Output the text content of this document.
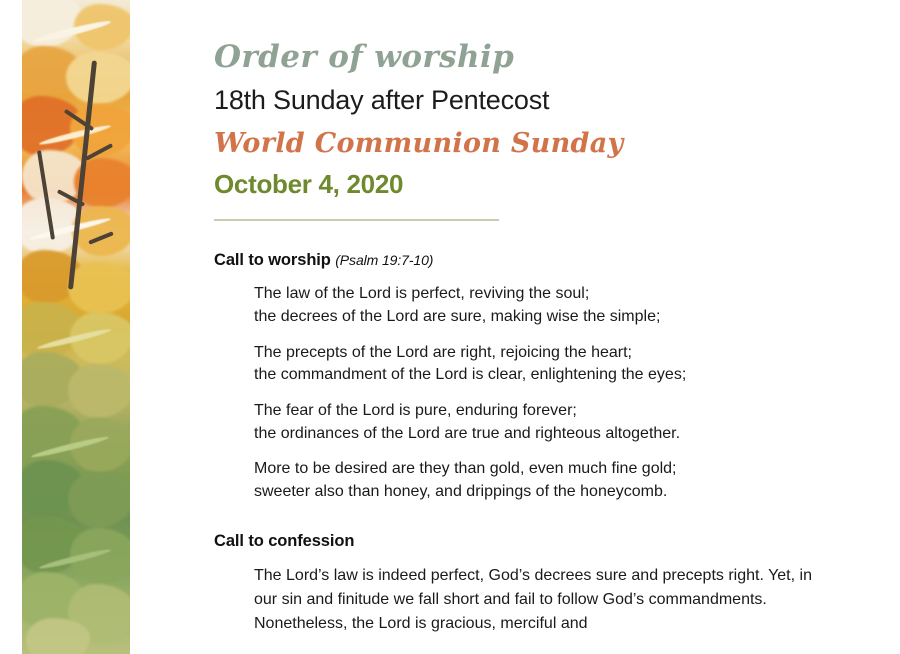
Order of worship
18th Sunday after Pentecost
World Communion Sunday
October 4, 2020
Call to worship (Psalm 19:7-10)
The law of the Lord is perfect, reviving the soul;
the decrees of the Lord are sure, making wise the simple;
The precepts of the Lord are right, rejoicing the heart;
the commandment of the Lord is clear, enlightening the eyes;
The fear of the Lord is pure, enduring forever;
the ordinances of the Lord are true and righteous altogether.
More to be desired are they than gold, even much fine gold;
sweeter also than honey, and drippings of the honeycomb.
Call to confession
The Lord’s law is indeed perfect, God’s decrees sure and precepts right. Yet, in our sin and finitude we fall short and fail to follow God’s commandments. Nonetheless, the Lord is gracious, merciful and
